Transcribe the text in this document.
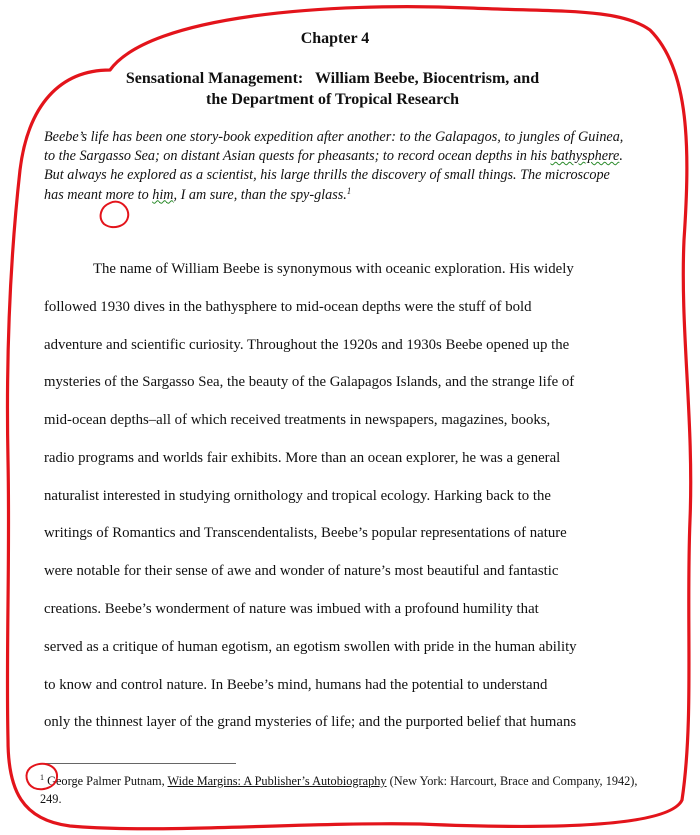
Chapter 4
Sensational Management:   William Beebe, Biocentrism, and
the Department of Tropical Research
Beebe’s life has been one story-book expedition after another: to the Galapagos, to jungles of Guinea, to the Sargasso Sea; on distant Asian quests for pheasants; to record ocean depths in his bathysphere. But always he explored as a scientist, his large thrills the discovery of small things. The microscope has meant more to him, I am sure, than the spy-glass.$^1$
The name of William Beebe is synonymous with oceanic exploration. His widely
followed 1930 dives in the bathysphere to mid-ocean depths were the stuff of bold
adventure and scientific curiosity. Throughout the 1920s and 1930s Beebe opened up the
mysteries of the Sargasso Sea, the beauty of the Galapagos Islands, and the strange life of
mid-ocean depths–all of which received treatments in newspapers, magazines, books,
radio programs and worlds fair exhibits. More than an ocean explorer, he was a general
naturalist interested in studying ornithology and tropical ecology. Harking back to the
writings of Romantics and Transcendentalists, Beebe’s popular representations of nature
were notable for their sense of awe and wonder of nature’s most beautiful and fantastic
creations. Beebe’s wonderment of nature was imbued with a profound humility that
served as a critique of human egotism, an egotism swollen with pride in the human ability
to know and control nature. In Beebe’s mind, humans had the potential to understand
only the thinnest layer of the grand mysteries of life; and the purported belief that humans
$^1$ George Palmer Putnam, Wide Margins: A Publisher’s Autobiography (New York: Harcourt, Brace and Company, 1942), 249.
